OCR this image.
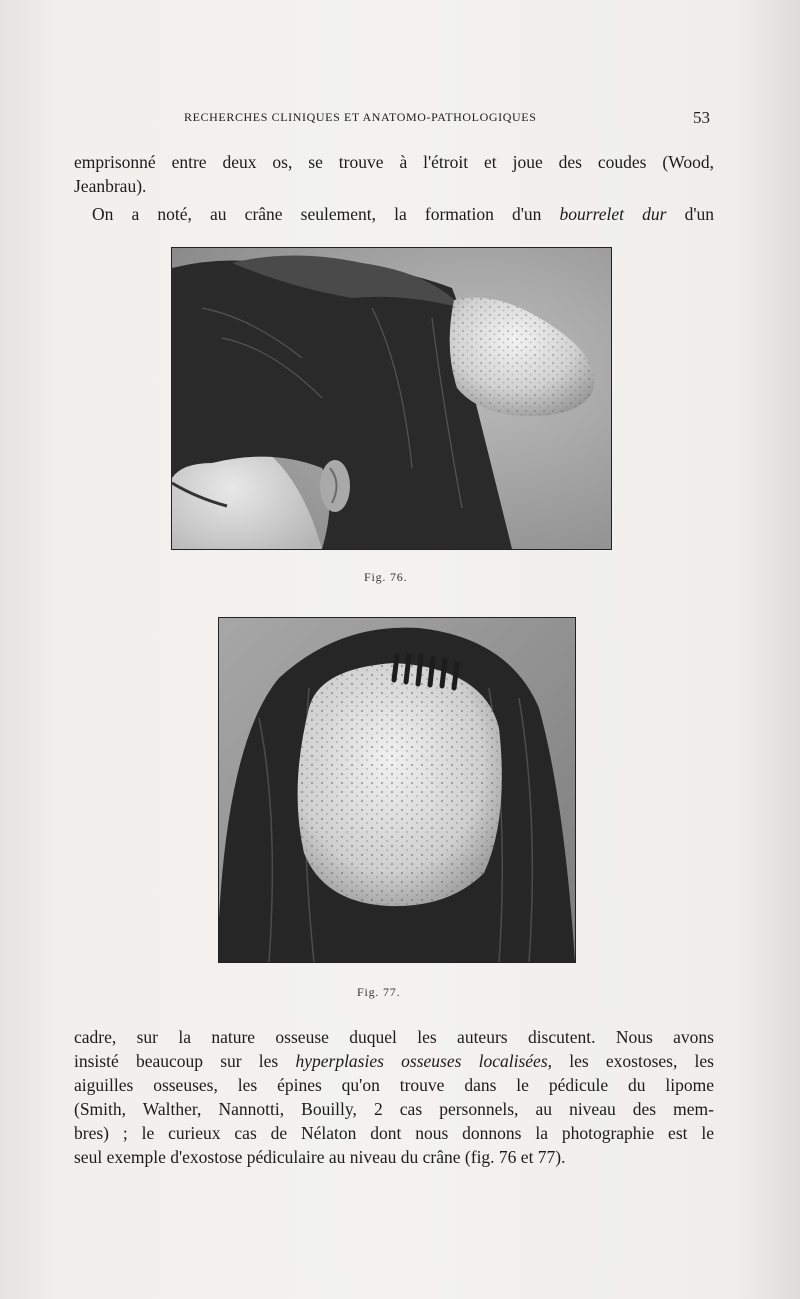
RECHERCHES CLINIQUES ET ANATOMO-PATHOLOGIQUES	53

emprisonné entre deux os, se trouve à l'étroit et joue des coudes (Wood,
Jeanbrau).

On a noté, au crâne seulement, la formation d'un bourrelet dur d'un

Fig. 76.
Fig. 77.

cadre, sur la nature osseuse duquel les auteurs discutent. Nous avons
insisté beaucoup sur les hyperplasies osseuses localisées, les exostoses, les
aiguilles osseuses, les épines qu'on trouve dans le pédicule du lipome
(Smith, Walther, Nannotti, Bouilly, 2 cas personnels, au niveau des mem-
bres) ; le curieux cas de Nélaton dont nous donnons la photographie est le
seul exemple d'exostose pédiculaire au niveau du crâne (fig. 76 et 77).
